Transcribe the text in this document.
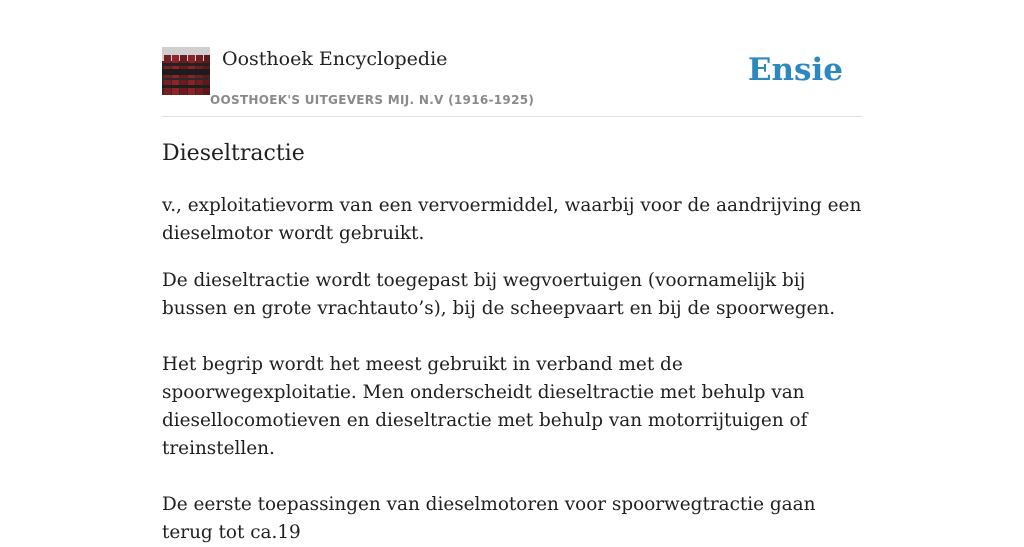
Oosthoek Encyclopedie
OOSTHOEK'S UITGEVERS MIJ. N.V (1916-1925)
Ensie
Dieseltractie

v., exploitatievorm van een vervoermiddel, waarbij voor de aandrijving een dieselmotor wordt gebruikt.

De dieseltractie wordt toegepast bij wegvoertuigen (voornamelijk bij bussen en grote vrachtauto’s), bij de scheepvaart en bij de spoorwegen.

Het begrip wordt het meest gebruikt in verband met de spoorwegexploitatie. Men onderscheidt dieseltractie met behulp van diesellocomotieven en dieseltractie met behulp van motorrijtuigen of treinstellen.

De eerste toepassingen van dieselmotoren voor spoorwegtractie gaan terug tot ca.19
